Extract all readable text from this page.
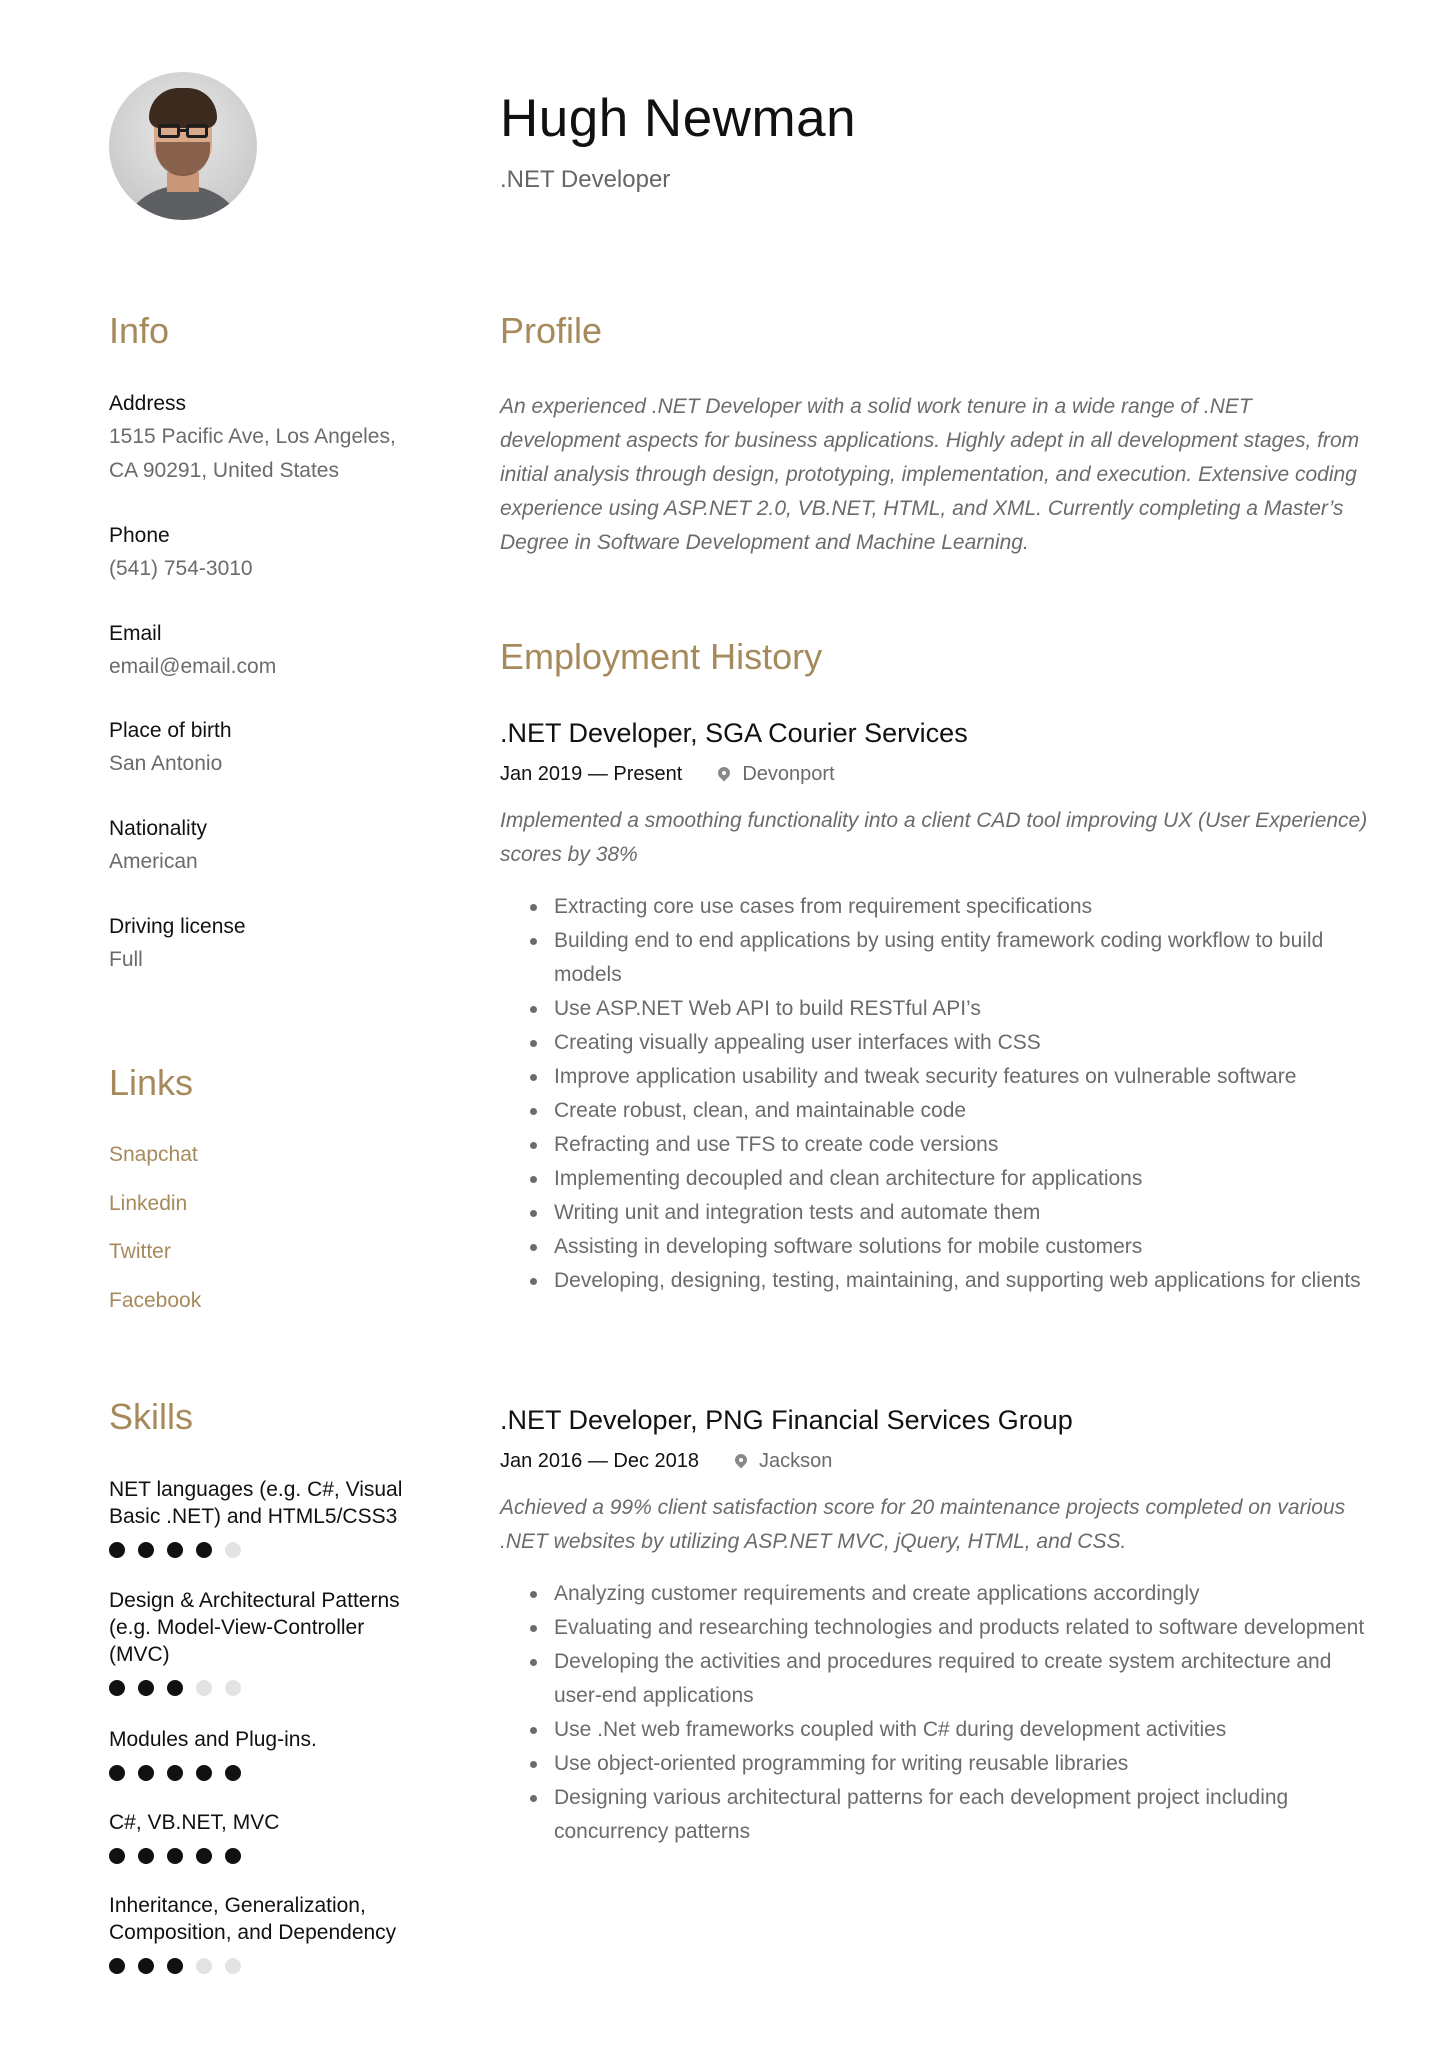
Hugh Newman
.NET Developer
Info
Address
1515 Pacific Ave, Los Angeles, CA 90291, United States
Phone
(541) 754-3010
Email
email@email.com
Place of birth
San Antonio
Nationality
American
Driving license
Full
Links
Snapchat
Linkedin
Twitter
Facebook
Skills
NET languages (e.g. C#, Visual Basic .NET) and HTML5/CSS3
Design & Architectural Patterns (e.g. Model-View-Controller (MVC)
Modules and Plug-ins.
C#, VB.NET, MVC
Inheritance, Generalization, Composition, and Dependency
Profile
An experienced .NET Developer with a solid work tenure in a wide range of .NET development aspects for business applications. Highly adept in all development stages, from initial analysis through design, prototyping, implementation, and execution. Extensive coding experience using ASP.NET 2.0, VB.NET, HTML, and XML. Currently completing a Master’s Degree in Software Development and Machine Learning.
Employment History
.NET Developer, SGA Courier Services
Jan 2019 — Present	Devonport
Implemented a smoothing functionality into a client CAD tool improving UX (User Experience) scores by 38%
Extracting core use cases from requirement specifications
Building end to end applications by using entity framework coding workflow to build models
Use ASP.NET Web API to build RESTful API’s
Creating visually appealing user interfaces with CSS
Improve application usability and tweak security features on vulnerable software
Create robust, clean, and maintainable code
Refracting and use TFS to create code versions
Implementing decoupled and clean architecture for applications
Writing unit and integration tests and automate them
Assisting in developing software solutions for mobile customers
Developing, designing, testing, maintaining, and supporting web applications for clients
.NET Developer, PNG Financial Services Group
Jan 2016 — Dec 2018	Jackson
Achieved a 99% client satisfaction score for 20 maintenance projects completed on various .NET websites by utilizing ASP.NET MVC, jQuery, HTML, and CSS.
Analyzing customer requirements and create applications accordingly
Evaluating and researching technologies and products related to software development
Developing the activities and procedures required to create system architecture and user-end applications
Use .Net web frameworks coupled with C# during development activities
Use object-oriented programming for writing reusable libraries
Designing various architectural patterns for each development project including concurrency patterns
